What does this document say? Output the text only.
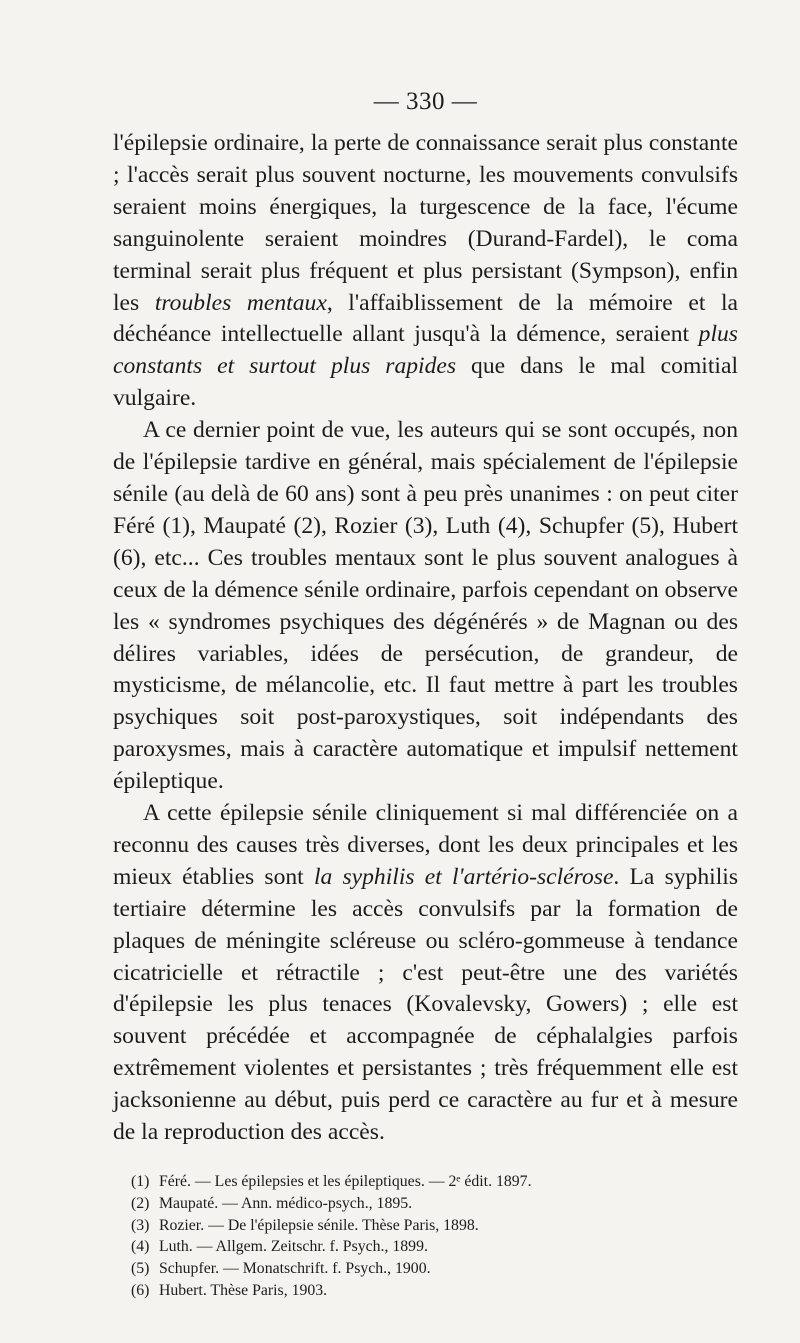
— 330 —

l'épilepsie ordinaire, la perte de connaissance serait plus constante ; l'accès serait plus souvent nocturne, les mouvements convulsifs seraient moins énergiques, la turgescence de la face, l'écume sanguinolente seraient moindres (Durand-Fardel), le coma terminal serait plus fréquent et plus persistant (Sympson), enfin les troubles mentaux, l'affaiblissement de la mémoire et la déchéance intellectuelle allant jusqu'à la démence, seraient plus constants et surtout plus rapides que dans le mal comitial vulgaire.

A ce dernier point de vue, les auteurs qui se sont occupés, non de l'épilepsie tardive en général, mais spécialement de l'épilepsie sénile (au delà de 60 ans) sont à peu près unanimes : on peut citer Féré (1), Maupaté (2), Rozier (3), Luth (4), Schupfer (5), Hubert (6), etc... Ces troubles mentaux sont le plus souvent analogues à ceux de la démence sénile ordinaire, parfois cependant on observe les « syndromes psychiques des dégénérés » de Magnan ou des délires variables, idées de persécution, de grandeur, de mysticisme, de mélancolie, etc. Il faut mettre à part les troubles psychiques soit post-paroxystiques, soit indépendants des paroxysmes, mais à caractère automatique et impulsif nettement épileptique.

A cette épilepsie sénile cliniquement si mal différenciée on a reconnu des causes très diverses, dont les deux principales et les mieux établies sont la syphilis et l'artério-sclérose. La syphilis tertiaire détermine les accès convulsifs par la formation de plaques de méningite scléreuse ou scléro-gommeuse à tendance cicatricielle et rétractile ; c'est peut-être une des variétés d'épilepsie les plus tenaces (Kovalevsky, Gowers) ; elle est souvent précédée et accompagnée de céphalalgies parfois extrêmement violentes et persistantes ; très fréquemment elle est jacksonienne au début, puis perd ce caractère au fur et à mesure de la reproduction des accès.

(1) Féré. — Les épilepsies et les épileptiques. — 2ᵉ édit. 1897.

(2) Maupaté. — Ann. médico-psych., 1895.

(3) Rozier. — De l'épilepsie sénile. Thèse Paris, 1898.

(4) Luth. — Allgem. Zeitschr. f. Psych., 1899.

(5) Schupfer. — Monatschrift. f. Psych., 1900.

(6) Hubert. Thèse Paris, 1903.
